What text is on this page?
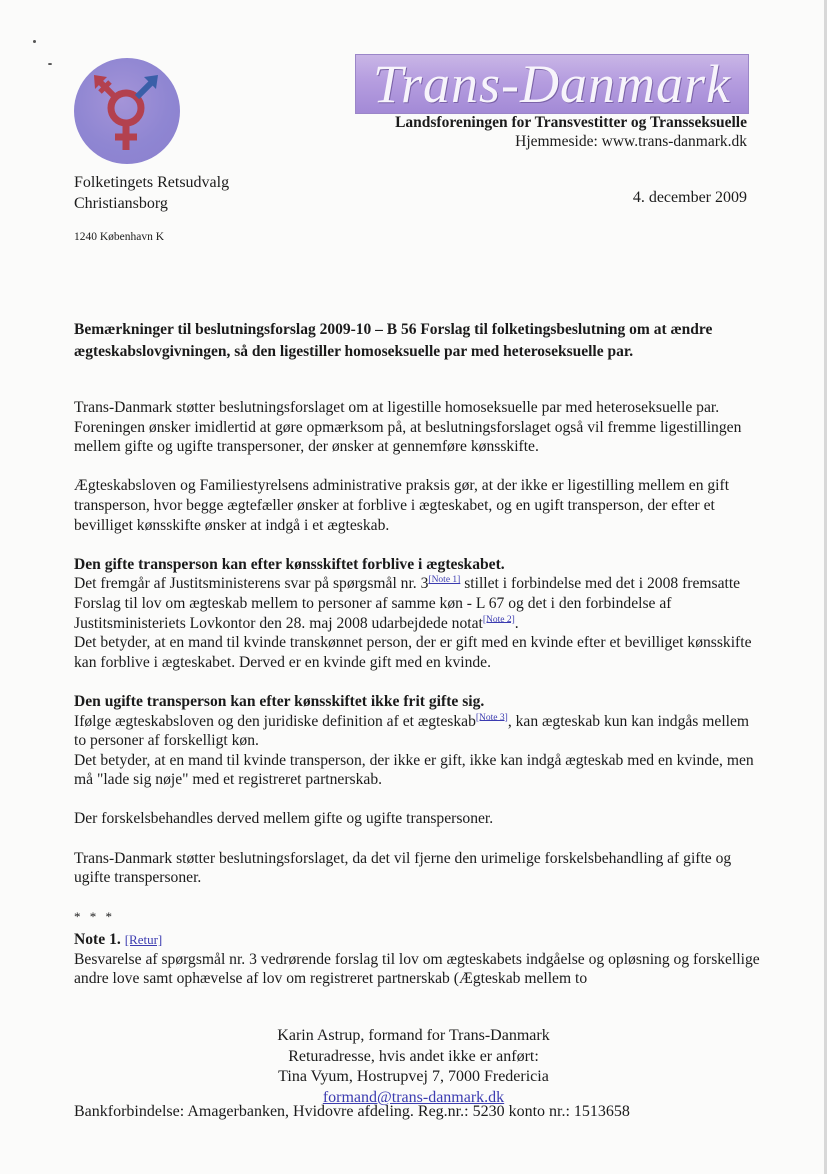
Trans-Danmark
Landsforeningen for Transvestitter og Transseksuelle
Hjemmeside: www.trans-danmark.dk
Folketingets Retsudvalg
Christiansborg
1240 København K
4. december 2009
Bemærkninger til beslutningsforslag 2009-10 – B 56 Forslag til folketingsbeslutning om at ændre ægteskabslovgivningen, så den ligestiller homoseksuelle par med heteroseksuelle par.

Trans-Danmark støtter beslutningsforslaget om at ligestille homoseksuelle par med heteroseksuelle par.
Foreningen ønsker imidlertid at gøre opmærksom på, at beslutningsforslaget også vil fremme ligestillingen mellem gifte og ugifte transpersoner, der ønsker at gennemføre kønsskifte.

Ægteskabsloven og Familiestyrelsens administrative praksis gør, at der ikke er ligestilling mellem en gift transperson, hvor begge ægtefæller ønsker at forblive i ægteskabet, og en ugift transperson, der efter et bevilliget kønsskifte ønsker at indgå i et ægteskab.

Den gifte transperson kan efter kønsskiftet forblive i ægteskabet.
Det fremgår af Justitsministerens svar på spørgsmål nr. 3[Note 1] stillet i forbindelse med det i 2008 fremsatte Forslag til lov om ægteskab mellem to personer af samme køn - L 67 og det i den forbindelse af Justitsministeriets Lovkontor den 28. maj 2008 udarbejdede notat[Note 2].
Det betyder, at en mand til kvinde transkønnet person, der er gift med en kvinde efter et bevilliget kønsskifte kan forblive i ægteskabet. Derved er en kvinde gift med en kvinde.

Den ugifte transperson kan efter kønsskiftet ikke frit gifte sig.
Ifølge ægteskabsloven og den juridiske definition af et ægteskab[Note 3], kan ægteskab kun kan indgås mellem to personer af forskelligt køn.
Det betyder, at en mand til kvinde transperson, der ikke er gift, ikke kan indgå ægteskab med en kvinde, men må "lade sig nøje" med et registreret partnerskab.

Der forskelsbehandles derved mellem gifte og ugifte transpersoner.

Trans-Danmark støtter beslutningsforslaget, da det vil fjerne den urimelige forskelsbehandling af gifte og ugifte transpersoner.

* * *

Note 1. [Retur]
Besvarelse af spørgsmål nr. 3 vedrørende forslag til lov om ægteskabets indgåelse og opløsning og forskellige andre love samt ophævelse af lov om registreret partnerskab (Ægteskab mellem to

Karin Astrup, formand for Trans-Danmark
Returadresse, hvis andet ikke er anført:
Tina Vyum, Hostrupvej 7, 7000 Fredericia
formand@trans-danmark.dk
Bankforbindelse: Amagerbanken, Hvidovre afdeling. Reg.nr.: 5230 konto nr.: 1513658
